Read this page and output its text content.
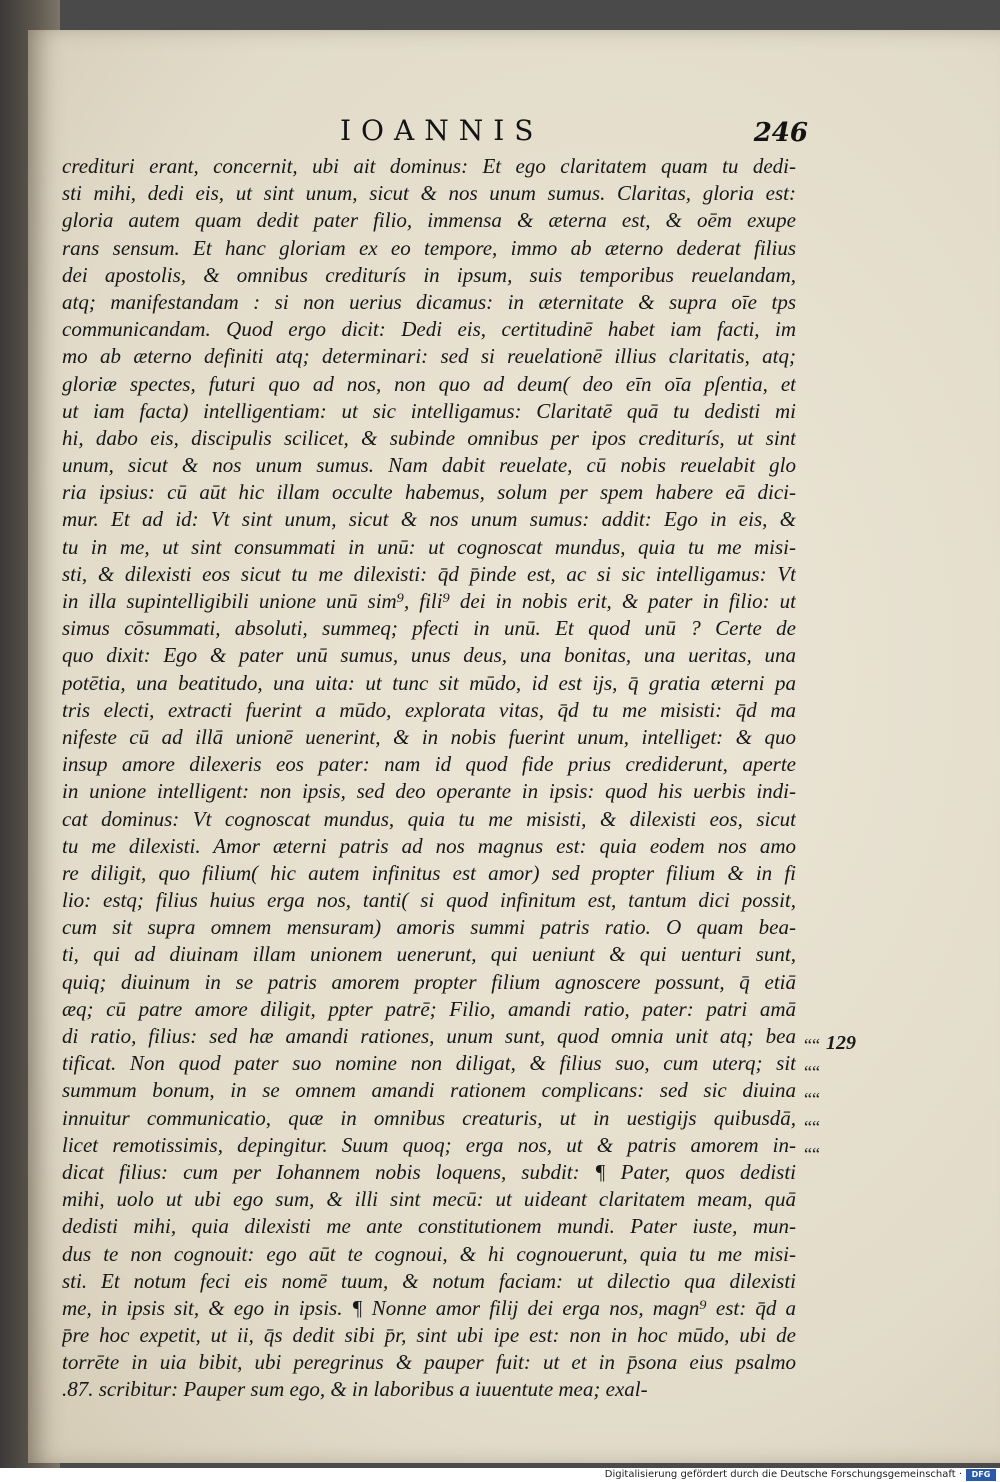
IOANNIS	246
credituri erant, concernit, ubi ait dominus: Et ego claritatem quam tu dedi-
sti mihi, dedi eis, ut sint unum, sicut & nos unum sumus. Claritas, gloria est:
gloria autem quam dedit pater filio, immensa & æterna est, & oēm exupe
rans sensum. Et hanc gloriam ex eo tempore, immo ab æterno dederat filius
dei apostolis, & omnibus crediturís in ipsum, suis temporibus reuelandam,
atq; manifestandam : si non uerius dicamus: in æternitate & supra oīe tps
communicandam. Quod ergo dicit: Dedi eis, certitudinē habet iam facti, im
mo ab æterno definiti atq; determinari: sed si reuelationē illius claritatis, atq;
gloriæ spectes, futuri quo ad nos, non quo ad deum( deo eīn oīa pſentia, et
ut iam facta) intelligentiam: ut sic intelligamus: Claritatē quā tu dedisti mi
hi, dabo eis, discipulis scilicet, & subinde omnibus per ipos crediturís, ut sint
unum, sicut & nos unum sumus. Nam dabit reuelate, cū nobis reuelabit glo
ria ipsius: cū aūt hic illam occulte habemus, solum per spem habere eā dici-
mur. Et ad id: Vt sint unum, sicut & nos unum sumus: addit: Ego in eis, &
tu in me, ut sint consummati in unū: ut cognoscat mundus, quia tu me misi-
sti, & dilexisti eos sicut tu me dilexisti: q̄d p̄inde est, ac si sic intelligamus: Vt
in illa supintelligibili unione unū sim⁹, fili⁹ dei in nobis erit, & pater in filio: ut
simus cōsummati, absoluti, summeq; pfecti in unū. Et quod unū ? Certe de
quo dixit: Ego & pater unū sumus, unus deus, una bonitas, una ueritas, una
potētia, una beatitudo, una uita: ut tunc sit mūdo, id est ijs, q̄ gratia æterni pa
tris electi, extracti fuerint a mūdo, explorata vitas, q̄d tu me misisti: q̄d ma
nifeste cū ad illā unionē uenerint, & in nobis fuerint unum, intelliget: & quo
insup amore dilexeris eos pater: nam id quod fide prius crediderunt, aperte
in unione intelligent: non ipsis, sed deo operante in ipsis: quod his uerbis indi-
cat dominus: Vt cognoscat mundus, quia tu me misisti, & dilexisti eos, sicut
tu me dilexisti. Amor æterni patris ad nos magnus est: quia eodem nos amo
re diligit, quo filium( hic autem infinitus est amor) sed propter filium & in fi
lio: estq; filius huius erga nos, tanti( si quod infinitum est, tantum dici possit,
cum sit supra omnem mensuram) amoris summi patris ratio. O quam bea-
ti, qui ad diuinam illam unionem uenerunt, qui ueniunt & qui uenturi sunt,
quiq; diuinum in se patris amorem propter filium agnoscere possunt, q̄ etiā
æq; cū patre amore diligit, ppter patrē; Filio, amandi ratio, pater: patri amā
di ratio, filius: sed hæ amandi rationes, unum sunt, quod omnia unit atq; bea
tificat. Non quod pater suo nomine non diligat, & filius suo, cum uterq; sit
summum bonum, in se omnem amandi rationem complicans: sed sic diuina
innuitur communicatio, quæ in omnibus creaturis, ut in uestigijs quibusdā,
licet remotissimis, depingitur. Suum quoq; erga nos, ut & patris amorem in-
dicat filius: cum per Iohannem nobis loquens, subdit: ¶ Pater, quos dedisti
mihi, uolo ut ubi ego sum, & illi sint mecū: ut uideant claritatem meam, quā
dedisti mihi, quia dilexisti me ante constitutionem mundi. Pater iuste, mun-
dus te non cognouit: ego aūt te cognoui, & hi cognouerunt, quia tu me misi-
sti. Et notum feci eis nomē tuum, & notum faciam: ut dilectio qua dilexisti
me, in ipsis sit, & ego in ipsis. ¶ Nonne amor filij dei erga nos, magn⁹ est: q̄d a
p̄re hoc expetit, ut ii, q̄s dedit sibi p̄r, sint ubi ipe est: non in hoc mūdo, ubi de
torrēte in uia bibit, ubi peregrinus & pauper fuit: ut et in p̄sona eius psalmo
.87. scribitur: Pauper sum ego, & in laboribus a iuuentute mea; exal-
““
““
““
““
““
129
Digitalisierung gefördert durch die Deutsche Forschungsgemeinschaft ·	DFG
